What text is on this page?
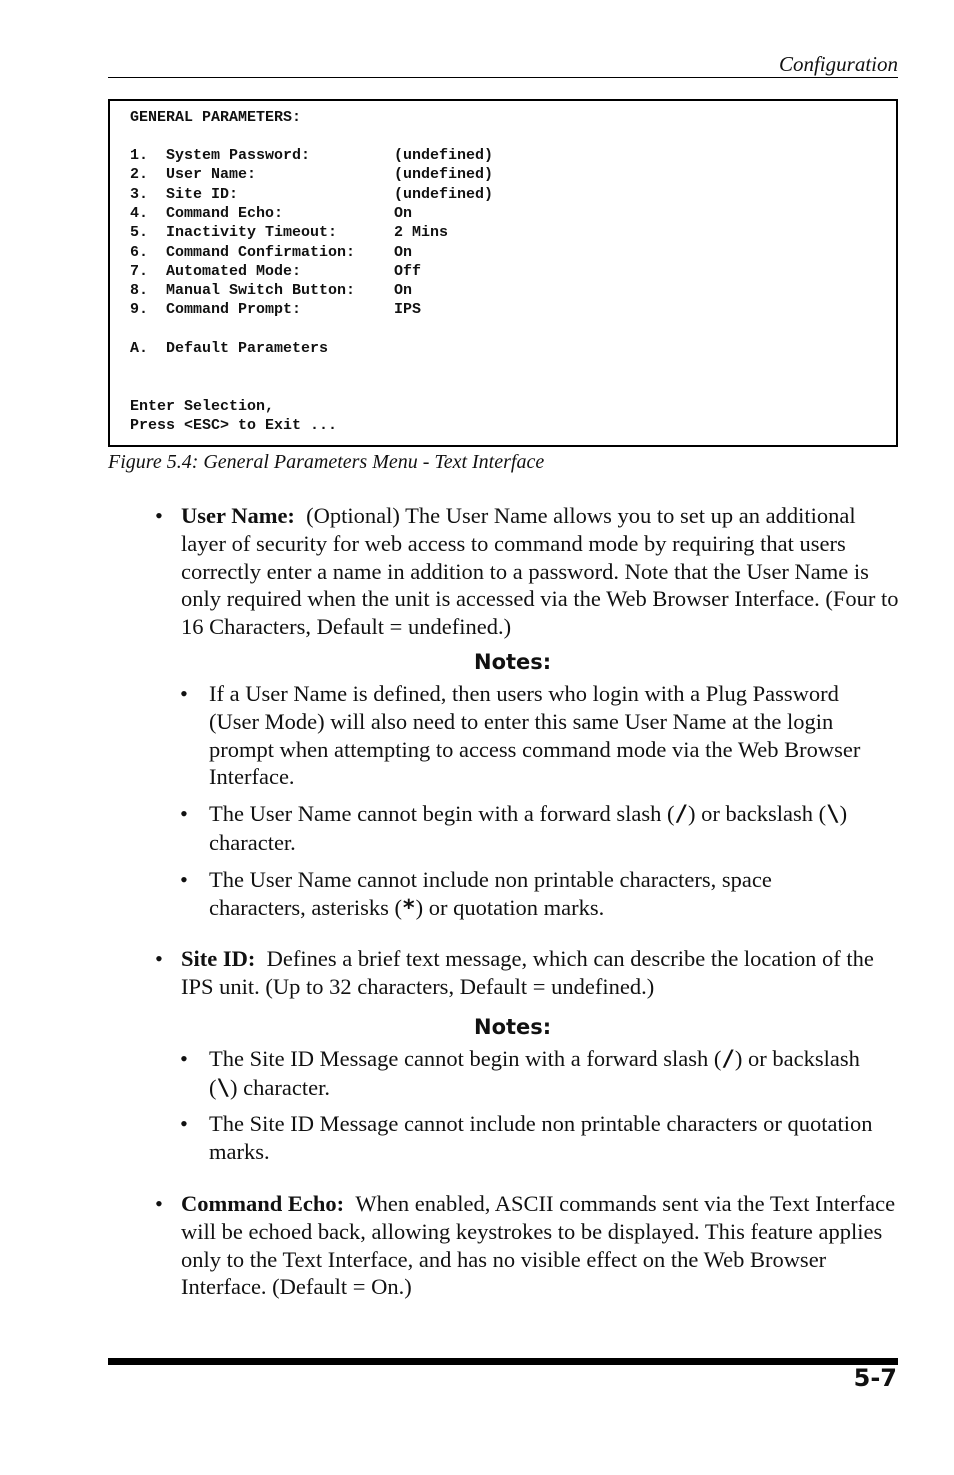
Configuration
GENERAL PARAMETERS:
1.  System Password:	(undefined)
2.  User Name:	(undefined)
3.  Site ID:	(undefined)
4.  Command Echo:	On
5.  Inactivity Timeout:	2 Mins
6.  Command Confirmation:	On
7.  Automated Mode:	Off
8.  Manual Switch Button:	On
9.  Command Prompt:	IPS
A.  Default Parameters
Enter Selection,
Press <ESC> to Exit ...
Figure 5.4: General Parameters Menu - Text Interface
• User Name: (Optional) The User Name allows you to set up an additional layer of security for web access to command mode by requiring that users correctly enter a name in addition to a password. Note that the User Name is only required when the unit is accessed via the Web Browser Interface. (Four to 16 Characters, Default = undefined.)
Notes:
• If a User Name is defined, then users who login with a Plug Password (User Mode) will also need to enter this same User Name at the login prompt when attempting to access command mode via the Web Browser Interface.
• The User Name cannot begin with a forward slash (/) or backslash (\) character.
• The User Name cannot include non printable characters, space characters, asterisks (*) or quotation marks.
• Site ID: Defines a brief text message, which can describe the location of the IPS unit. (Up to 32 characters, Default = undefined.)
Notes:
• The Site ID Message cannot begin with a forward slash (/) or backslash (\) character.
• The Site ID Message cannot include non printable characters or quotation marks.
• Command Echo: When enabled, ASCII commands sent via the Text Interface will be echoed back, allowing keystrokes to be displayed. This feature applies only to the Text Interface, and has no visible effect on the Web Browser Interface. (Default = On.)
5-7
